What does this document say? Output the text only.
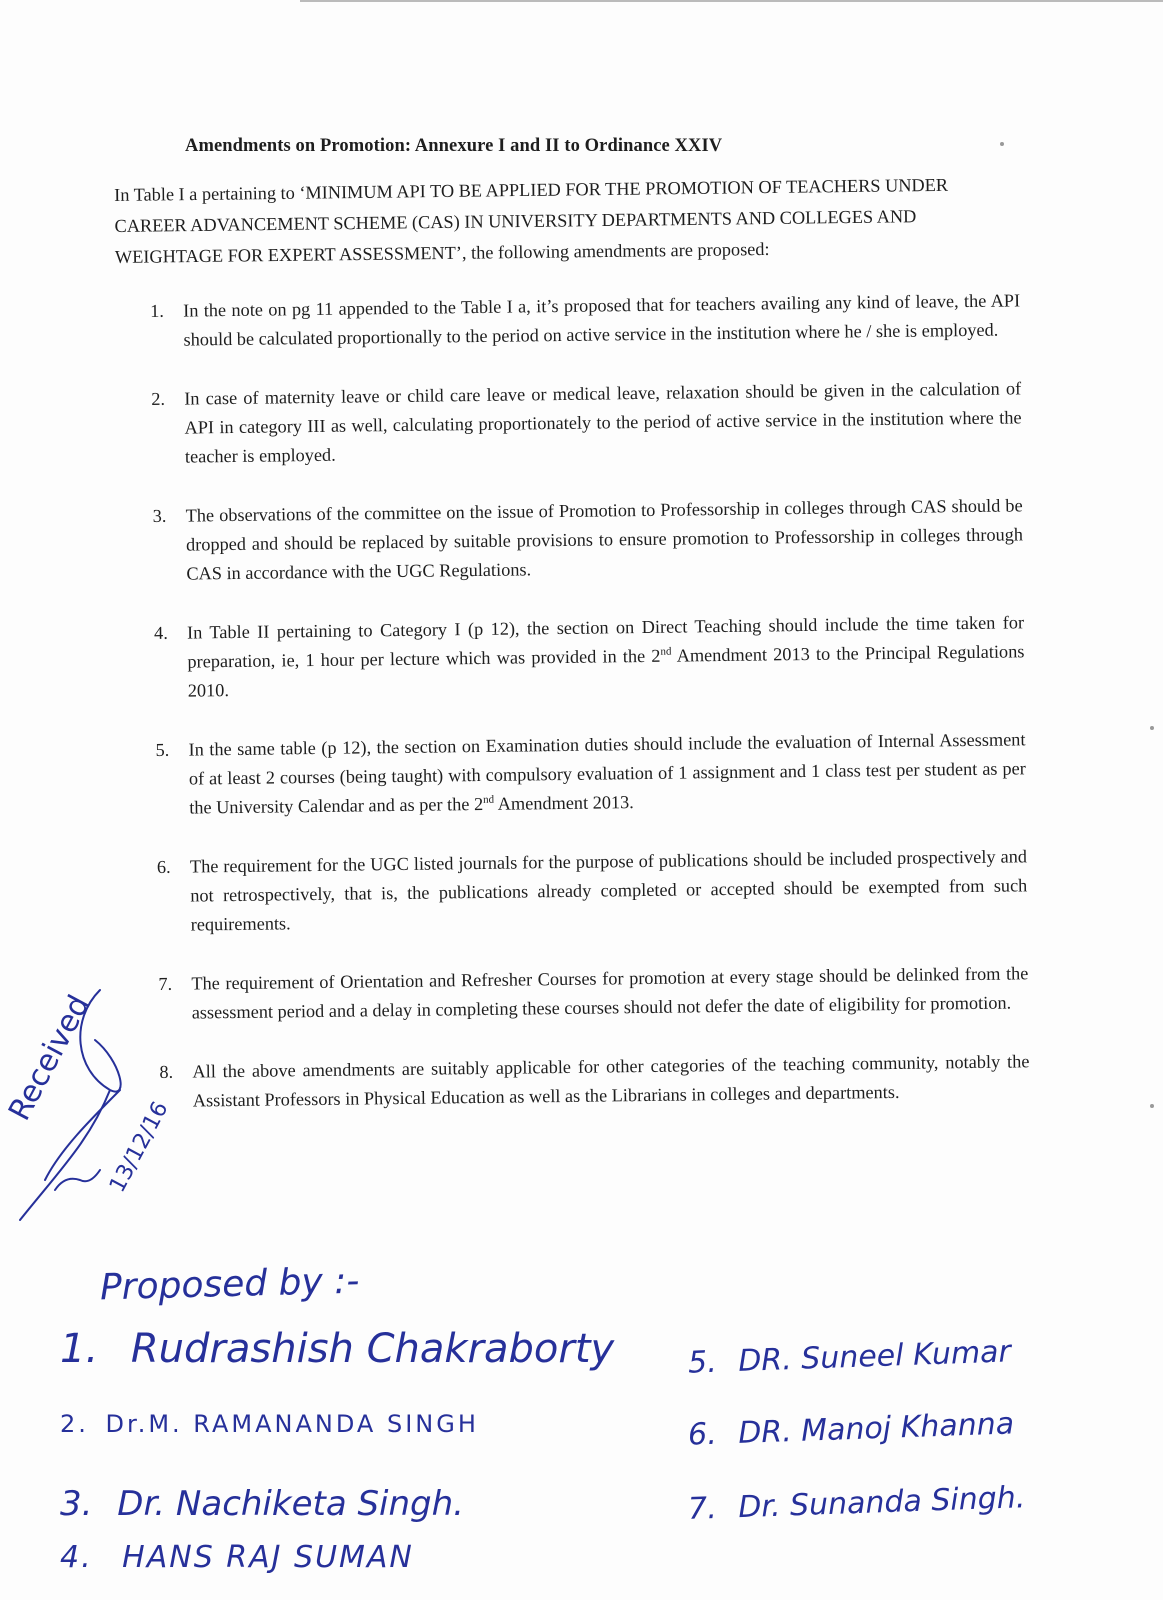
Amendments on Promotion: Annexure I and II to Ordinance XXIV
In Table I a pertaining to ‘MINIMUM API TO BE APPLIED FOR THE PROMOTION OF TEACHERS UNDER CAREER ADVANCEMENT SCHEME (CAS) IN UNIVERSITY DEPARTMENTS AND COLLEGES AND WEIGHTAGE FOR EXPERT ASSESSMENT’, the following amendments are proposed:
1. In the note on pg 11 appended to the Table I a, it’s proposed that for teachers availing any kind of leave, the API should be calculated proportionally to the period on active service in the institution where he / she is employed.
2. In case of maternity leave or child care leave or medical leave, relaxation should be given in the calculation of API in category III as well, calculating proportionately to the period of active service in the institution where the teacher is employed.
3. The observations of the committee on the issue of Promotion to Professorship in colleges through CAS should be dropped and should be replaced by suitable provisions to ensure promotion to Professorship in colleges through CAS in accordance with the UGC Regulations.
4. In Table II pertaining to Category I (p 12), the section on Direct Teaching should include the time taken for preparation, ie, 1 hour per lecture which was provided in the 2nd Amendment 2013 to the Principal Regulations 2010.
5. In the same table (p 12), the section on Examination duties should include the evaluation of Internal Assessment of at least 2 courses (being taught) with compulsory evaluation of 1 assignment and 1 class test per student as per the University Calendar and as per the 2nd Amendment 2013.
6. The requirement for the UGC listed journals for the purpose of publications should be included prospectively and not retrospectively, that is, the publications already completed or accepted should be exempted from such requirements.
7. The requirement of Orientation and Refresher Courses for promotion at every stage should be delinked from the assessment period and a delay in completing these courses should not defer the date of eligibility for promotion.
8. All the above amendments are suitably applicable for other categories of the teaching community, notably the Assistant Professors in Physical Education as well as the Librarians in colleges and departments.
Received
13/12/16
Proposed by :-
1. Rudrashish Chakraborty
2. Dr.M. RAMANANDA SINGH
3. Dr. Nachiketa Singh.
4. HANS RAJ SUMAN
5. DR. Suneel Kumar
6. DR. Manoj Khanna
7. Dr. Sunanda Singh.
